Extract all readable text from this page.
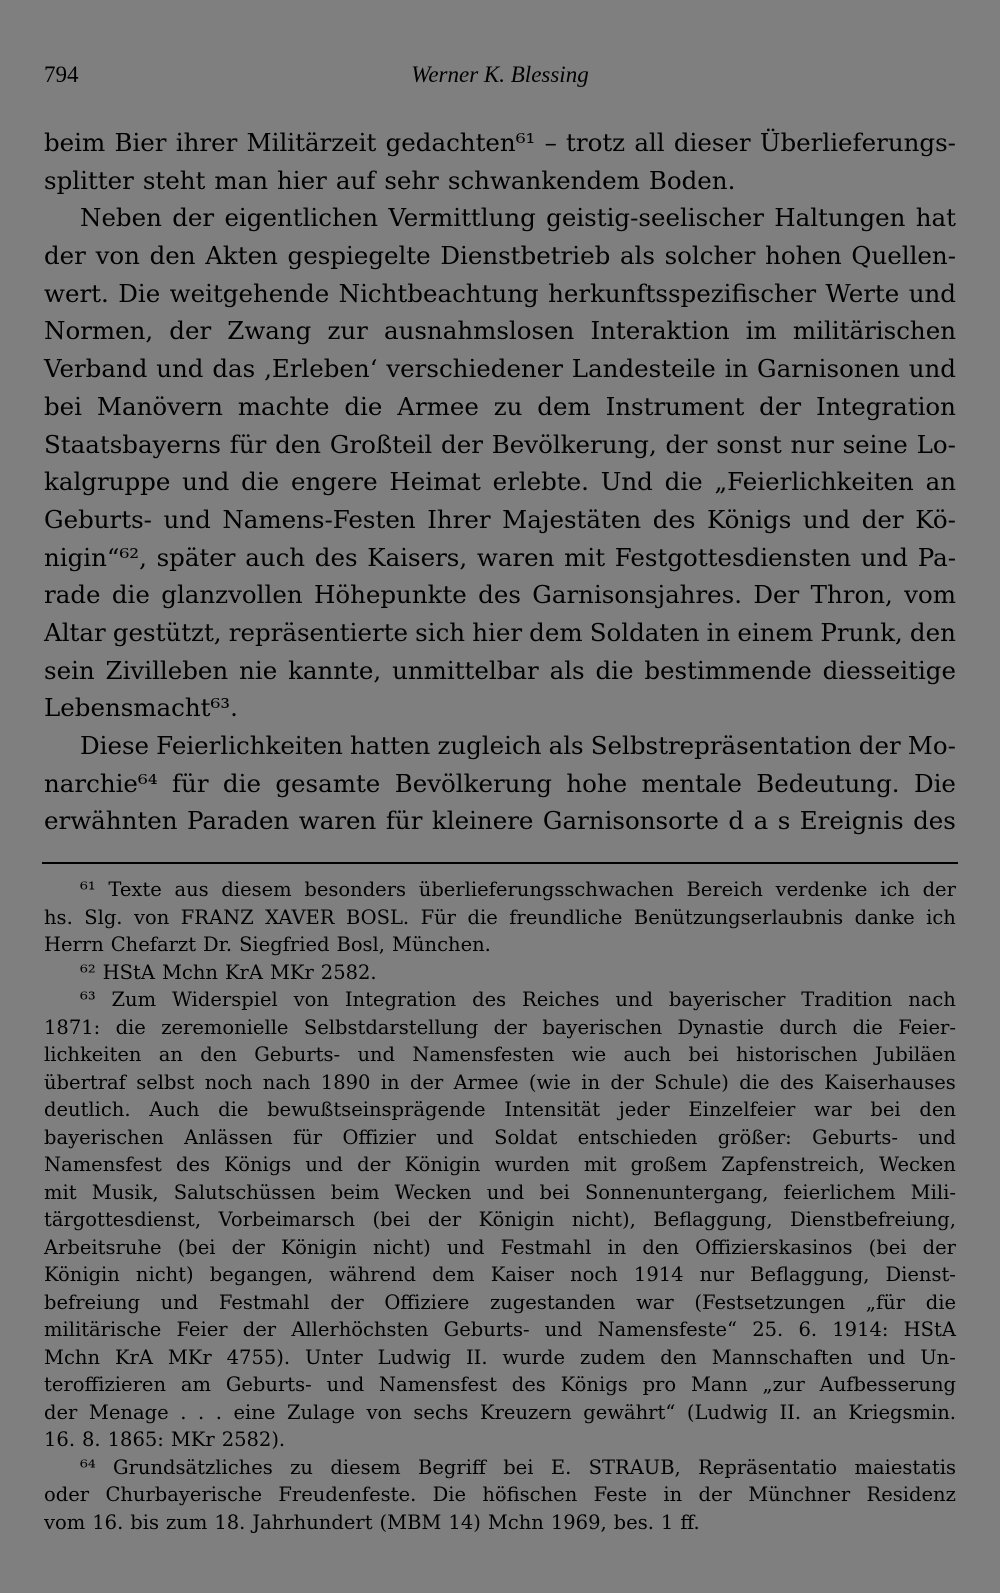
794	Werner K. Blessing
beim Bier ihrer Militärzeit gedachten⁶¹ – trotz all dieser Überlieferungs-
splitter steht man hier auf sehr schwankendem Boden.
Neben der eigentlichen Vermittlung geistig-seelischer Haltungen hat
der von den Akten gespiegelte Dienstbetrieb als solcher hohen Quellen-
wert. Die weitgehende Nichtbeachtung herkunftsspezifischer Werte und
Normen, der Zwang zur ausnahmslosen Interaktion im militärischen
Verband und das ‚Erleben‘ verschiedener Landesteile in Garnisonen und
bei Manövern machte die Armee zu dem Instrument der Integration
Staatsbayerns für den Großteil der Bevölkerung, der sonst nur seine Lo-
kalgruppe und die engere Heimat erlebte. Und die „Feierlichkeiten an
Geburts- und Namens-Festen Ihrer Majestäten des Königs und der Kö-
nigin“⁶², später auch des Kaisers, waren mit Festgottesdiensten und Pa-
rade die glanzvollen Höhepunkte des Garnisonsjahres. Der Thron, vom
Altar gestützt, repräsentierte sich hier dem Soldaten in einem Prunk, den
sein Zivilleben nie kannte, unmittelbar als die bestimmende diesseitige
Lebensmacht⁶³.
Diese Feierlichkeiten hatten zugleich als Selbstrepräsentation der Mo-
narchie⁶⁴ für die gesamte Bevölkerung hohe mentale Bedeutung. Die
erwähnten Paraden waren für kleinere Garnisonsorte d a s Ereignis des
⁶¹ Texte aus diesem besonders überlieferungsschwachen Bereich verdenke ich der
hs. Slg. von FRANZ XAVER BOSL. Für die freundliche Benützungserlaubnis danke ich
Herrn Chefarzt Dr. Siegfried Bosl, München.
⁶² HStA Mchn KrA MKr 2582.
⁶³ Zum Widerspiel von Integration des Reiches und bayerischer Tradition nach
1871: die zeremonielle Selbstdarstellung der bayerischen Dynastie durch die Feier-
lichkeiten an den Geburts- und Namensfesten wie auch bei historischen Jubiläen
übertraf selbst noch nach 1890 in der Armee (wie in der Schule) die des Kaiserhauses
deutlich. Auch die bewußtseinsprägende Intensität jeder Einzelfeier war bei den
bayerischen Anlässen für Offizier und Soldat entschieden größer: Geburts- und
Namensfest des Königs und der Königin wurden mit großem Zapfenstreich, Wecken
mit Musik, Salutschüssen beim Wecken und bei Sonnenuntergang, feierlichem Mili-
tärgottesdienst, Vorbeimarsch (bei der Königin nicht), Beflaggung, Dienstbefreiung,
Arbeitsruhe (bei der Königin nicht) und Festmahl in den Offizierskasinos (bei der
Königin nicht) begangen, während dem Kaiser noch 1914 nur Beflaggung, Dienst-
befreiung und Festmahl der Offiziere zugestanden war (Festsetzungen „für die
militärische Feier der Allerhöchsten Geburts- und Namensfeste“ 25. 6. 1914: HStA
Mchn KrA MKr 4755). Unter Ludwig II. wurde zudem den Mannschaften und Un-
teroffizieren am Geburts- und Namensfest des Königs pro Mann „zur Aufbesserung
der Menage . . . eine Zulage von sechs Kreuzern gewährt“ (Ludwig II. an Kriegsmin.
16. 8. 1865: MKr 2582).
⁶⁴ Grundsätzliches zu diesem Begriff bei E. STRAUB, Repräsentatio maiestatis
oder Churbayerische Freudenfeste. Die höfischen Feste in der Münchner Residenz
vom 16. bis zum 18. Jahrhundert (MBM 14) Mchn 1969, bes. 1 ff.
